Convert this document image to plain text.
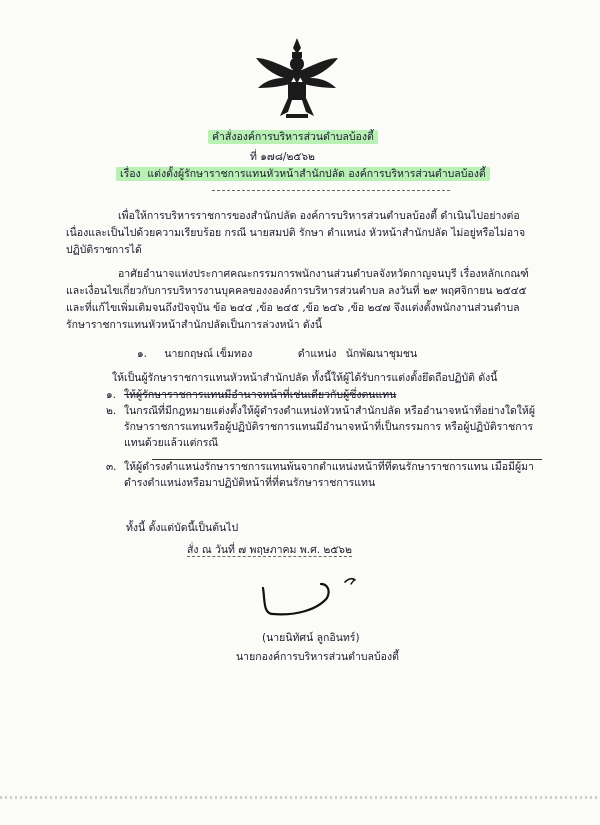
คำสั่งองค์การบริหารส่วนตำบลบ้องตี้
ที่ ๑๗๘/๒๕๖๒
เรื่อง แต่งตั้งผู้รักษาราชการแทนหัวหน้าสำนักปลัด องค์การบริหารส่วนตำบลบ้องตี้
เพื่อให้การบริหารราชการของสำนักปลัด องค์การบริหารส่วนตำบลบ้องตี้ ดำเนินไปอย่างต่อเนื่องและเป็นไปด้วยความเรียบร้อย กรณี นายสมปติ รักษา ตำแหน่ง หัวหน้าสำนักปลัด ไม่อยู่หรือไม่อาจปฏิบัติราชการได้
อาศัยอำนาจแห่งประกาศคณะกรรมการพนักงานส่วนตำบลจังหวัดกาญจนบุรี เรื่องหลักเกณฑ์และเงื่อนไขเกี่ยวกับการบริหารงานบุคคลของงองค์การบริหารส่วนตำบล ลงวันที่ ๒๙ พฤศจิกายน ๒๕๔๕ และที่แก้ไขเพิ่มเติมจนถึงปัจจุบัน ข้อ ๒๔๔ ,ข้อ ๒๔๕ ,ข้อ ๒๔๖ ,ข้อ ๒๔๗ จึงแต่งตั้งพนักงานส่วนตำบลรักษาราชการแทนหัวหน้าสำนักปลัดเป็นการล่วงหน้า ดังนี้
๑. นายกฤษณ์ เข็มทอง	ตำแหน่ง นักพัฒนาชุมชน
ให้เป็นผู้รักษาราชการแทนหัวหน้าสำนักปลัด ทั้งนี้ให้ผู้ได้รับการแต่งตั้งยึดถือปฏิบัติ ดังนี้
๑. ให้ผู้รักษาราชการแทนมีอำนาจหน้าที่เช่นเดียวกับผู้ซึ่งตนแทน
๒. ในกรณีที่มีกฎหมายแต่งตั้งให้ผู้ดำรงตำแหน่งหัวหน้าสำนักปลัด หรืออำนาจหน้าที่อย่างใดให้ผู้รักษาราชการแทนหรือผู้ปฏิบัติราชการแทนมีอำนาจหน้าที่เป็นกรรมการ หรือผู้ปฏิบัติราชการแทนด้วยแล้วแต่กรณี
๓. ให้ผู้ดำรงตำแหน่งรักษาราชการแทนพ้นจากตำแหน่งหน้าที่ที่ตนรักษาราชการแทน เมื่อมีผู้มาดำรงตำแหน่งหรือมาปฏิบัติหน้าที่ที่ตนรักษาราชการแทน
ทั้งนี้ ตั้งแต่บัดนี้เป็นต้นไป
สั่ง ณ วันที่ ๗ พฤษภาคม พ.ศ. ๒๕๖๒
(นายนิทัศน์ ลูกอินทร์)
นายกองค์การบริหารส่วนตำบลบ้องตี้
